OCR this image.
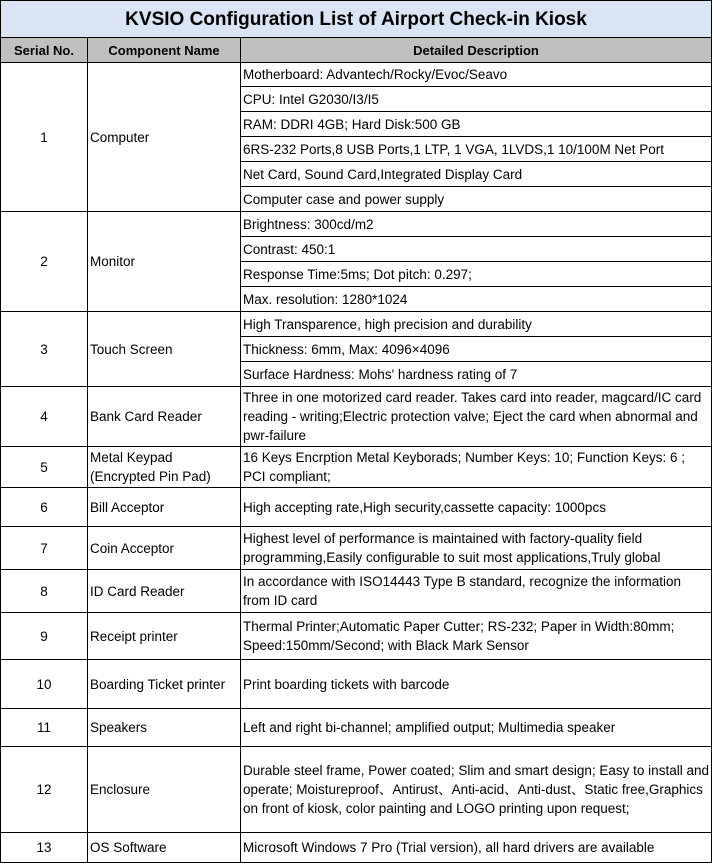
KVSIO Configuration List of Airport Check-in Kiosk		
Serial No.	Component Name	Detailed Description
1	Computer	Motherboard: Advantech/Rocky/Evoc/Seavo
		CPU: Intel G2030/I3/I5
		RAM: DDRI 4GB; Hard Disk:500 GB
		6RS-232 Ports,8 USB Ports,1 LTP, 1 VGA, 1LVDS,1 10/100M Net Port
		Net Card, Sound Card,Integrated Display Card
		Computer case and power supply
2	Monitor	Brightness: 300cd/m2
		Contrast: 450:1
		Response Time:5ms; Dot pitch: 0.297;
		Max. resolution: 1280*1024
3	Touch Screen	High Transparence, high precision and durability
		Thickness: 6mm, Max: 4096×4096
		Surface Hardness: Mohs' hardness rating of 7
4	Bank Card Reader	Three in one motorized card reader. Takes card into reader, magcard/IC card reading - writing;Electric protection valve; Eject the card when abnormal and pwr-failure
5	Metal Keypad (Encrypted Pin Pad)	16 Keys Encrption Metal Keyborads; Number Keys: 10; Function Keys: 6 ; PCI compliant;
6	Bill Acceptor	High accepting rate,High security,cassette capacity: 1000pcs
7	Coin Acceptor	Highest level of performance is maintained with factory-quality field programming,Easily configurable to suit most applications,Truly global
8	ID Card Reader	In accordance with ISO14443 Type B standard, recognize the information from ID card
9	Receipt printer	Thermal Printer;Automatic Paper Cutter; RS-232; Paper in Width:80mm; Speed:150mm/Second; with Black Mark Sensor
10	Boarding Ticket printer	Print boarding tickets with barcode
11	Speakers	Left and right bi-channel; amplified output; Multimedia speaker
12	Enclosure	Durable steel frame, Power coated; Slim and smart design; Easy to install and operate; Moistureproof、Antirust、Anti-acid、Anti-dust、Static free,Graphics on front of kiosk, color painting and LOGO printing upon request;
13	OS Software	Microsoft Windows 7 Pro (Trial version), all hard drivers are available
